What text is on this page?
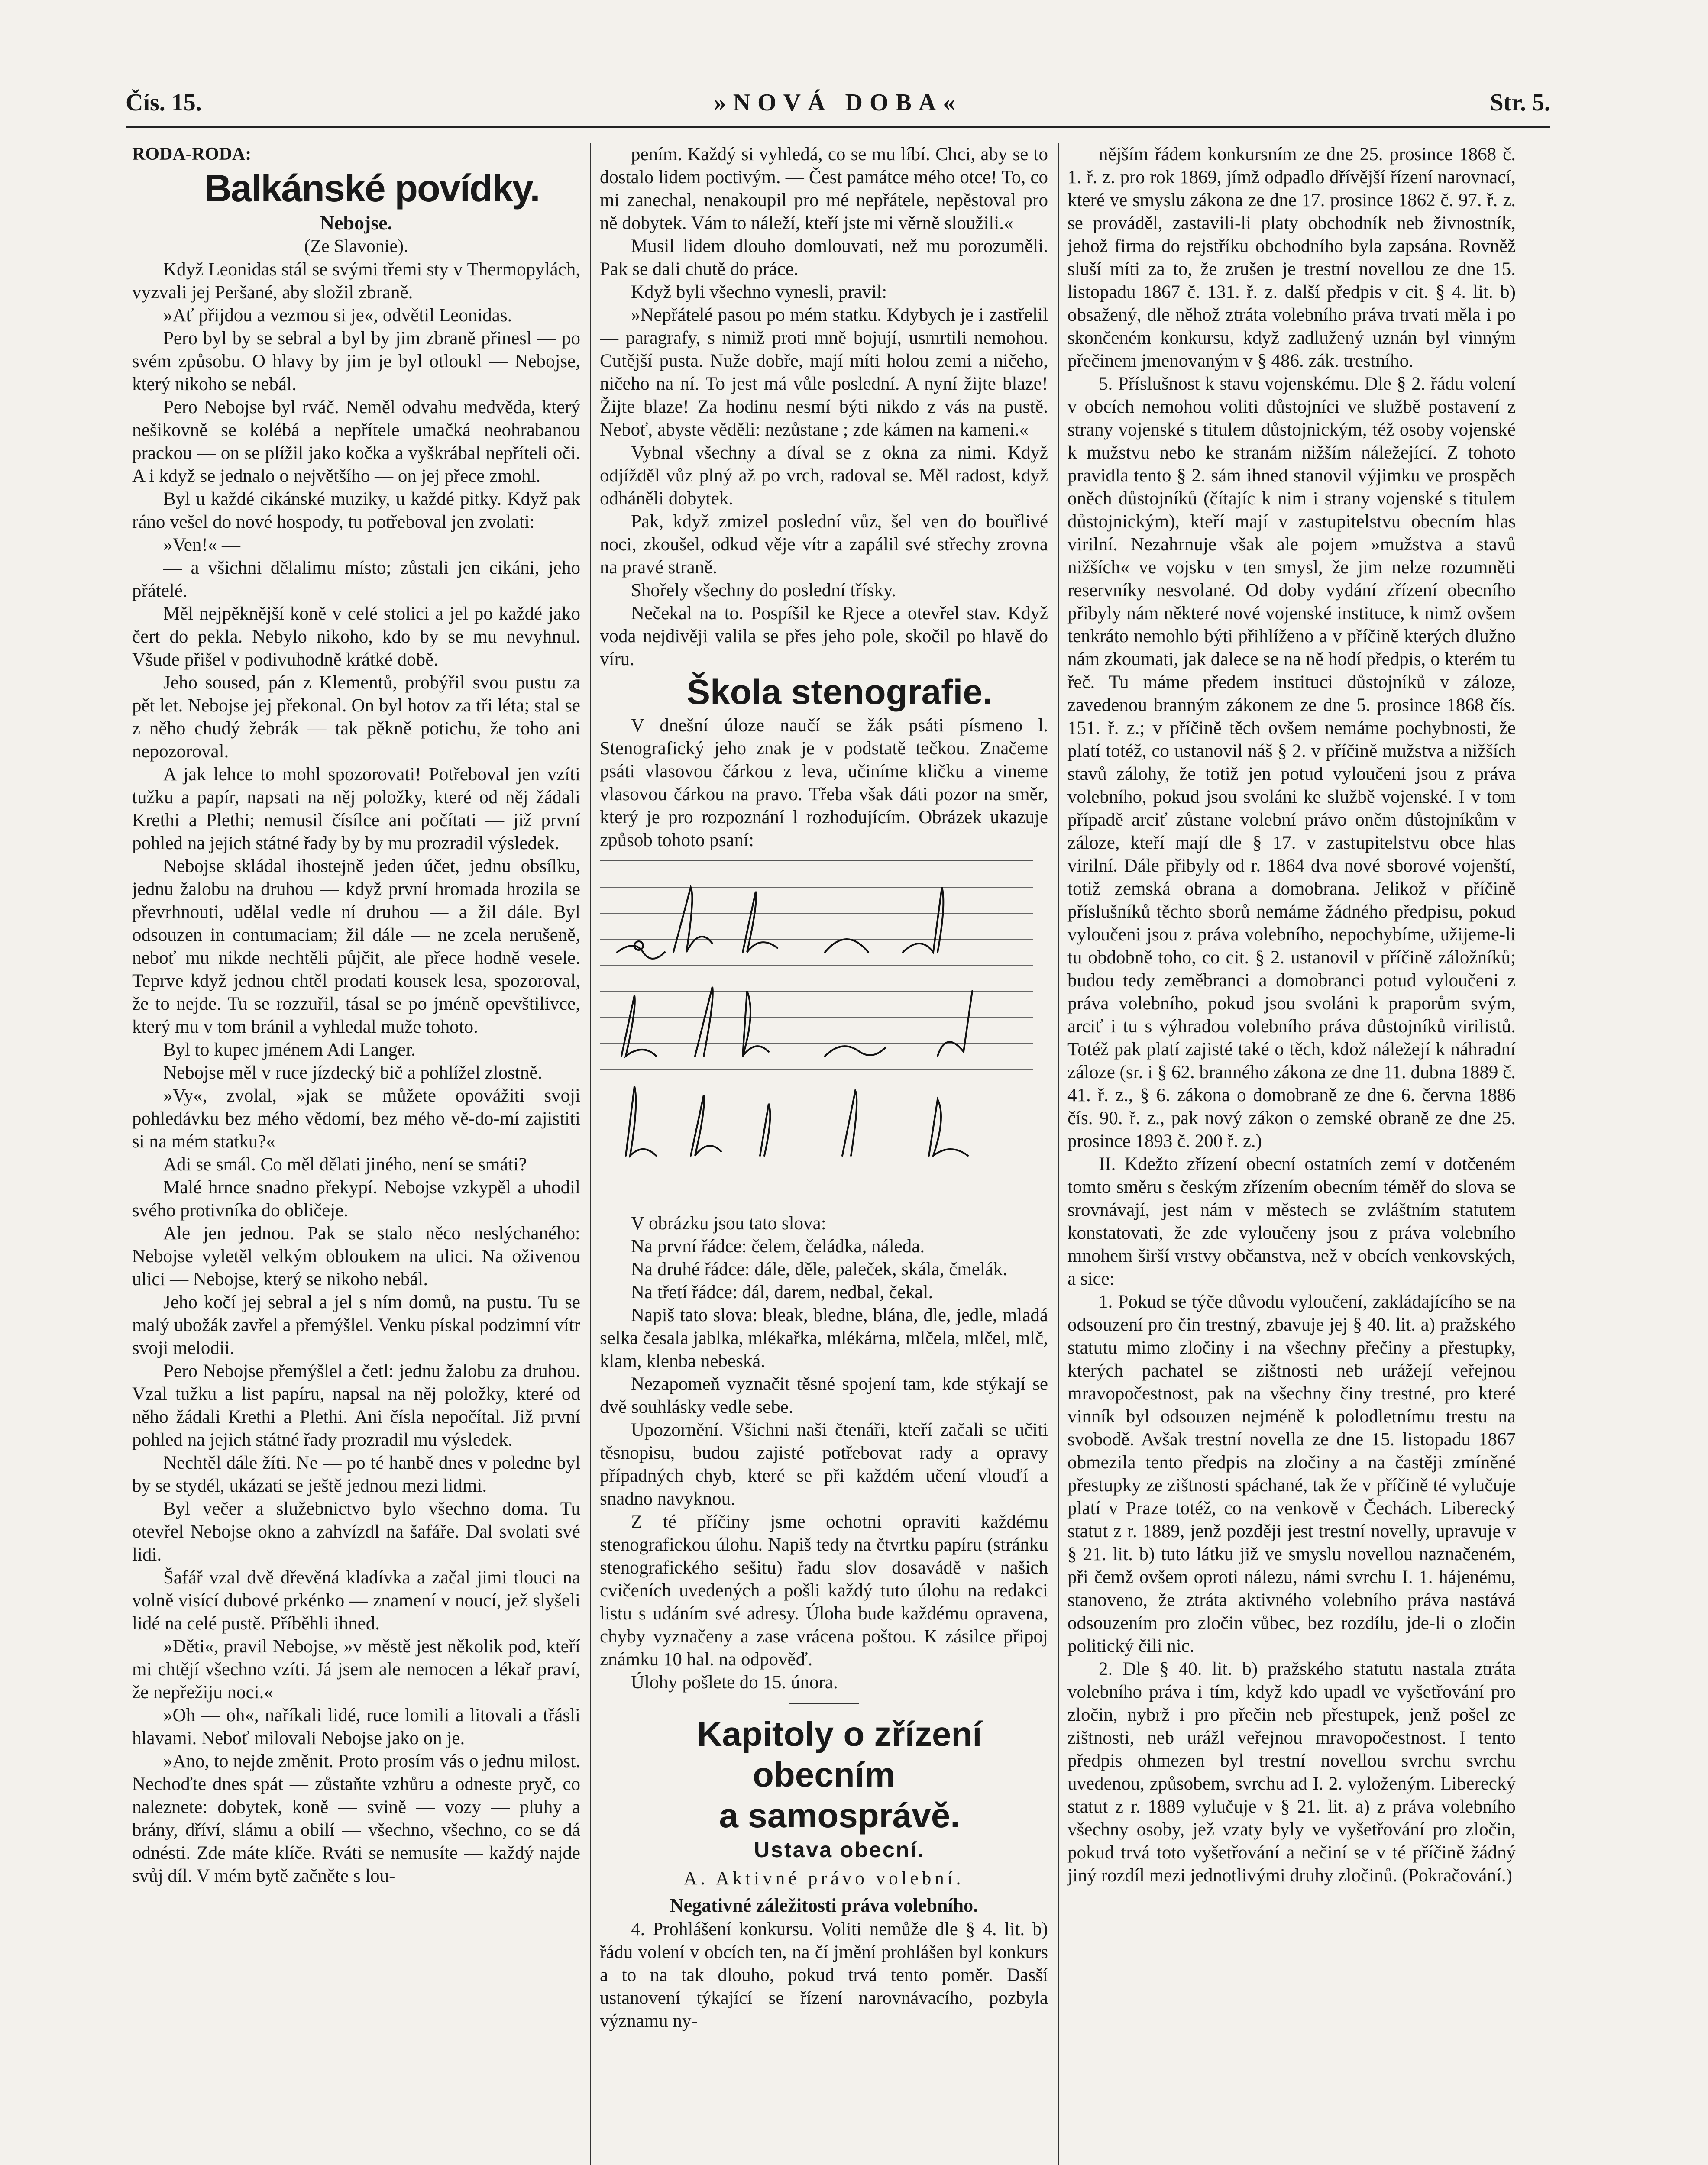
Čís. 15.	»NOVÁ DOBA«	Str. 5.

RODA-RODA:

Balkánské povídky.

Nebojse.

(Ze Slavonie).

Když Leonidas stál se svými třemi sty v Thermopylách, vyzvali jej Peršané, aby složil zbraně.

»Ať přijdou a vezmou si je«, odvětil Leonidas.

Pero byl by se sebral a byl by jim zbraně přinesl — po svém způsobu. O hlavy by jim je byl otloukl — Nebojse, který nikoho se nebál.

Pero Nebojse byl rváč. Neměl odvahu medvěda, který nešikovně se kolébá a nepřítele umačká neohrabanou prackou — on se plížil jako kočka a vyškrábal nepříteli oči. A i když se jednalo o největšího — on jej přece zmohl.

Byl u každé cikánské muziky, u každé pitky. Když pak ráno vešel do nové hospody, tu potřeboval jen zvolati:

»Ven!« —

— a všichni dělalimu místo; zůstali jen cikáni, jeho přátelé.

Měl nejpěknější koně v celé stolici a jel po každé jako čert do pekla. Nebylo nikoho, kdo by se mu nevyhnul. Všude přišel v podivuhodně krátké době.

Jeho soused, pán z Klementů, probýřil svou pustu za pět let. Nebojse jej překonal. On byl hotov za tři léta; stal se z něho chudý žebrák — tak pěkně potichu, že toho ani nepozoroval.

A jak lehce to mohl spozorovati! Potřeboval jen vzíti tužku a papír, napsati na něj položky, které od něj žádali Krethi a Plethi; nemusil čísílce ani počítati — již první pohled na jejich státné řady by by mu prozradil výsledek.

Nebojse skládal ihostejně jeden účet, jednu obsílku, jednu žalobu na druhou — když první hromada hrozila se převrhnouti, udělal vedle ní druhou — a žil dále. Byl odsouzen in contumaciam; žil dále — ne zcela nerušeně, neboť mu nikde nechtěli půjčit, ale přece hodně vesele. Teprve když jednou chtěl prodati kousek lesa, spozoroval, že to nejde. Tu se rozzuřil, tásal se po jméně opevštilivce, který mu v tom bránil a vyhledal muže tohoto.

Byl to kupec jménem Adi Langer.

Nebojse měl v ruce jízdecký bič a pohlížel zlostně.

»Vy«, zvolal, »jak se můžete opovážiti svoji pohledávku bez mého vědomí, bez mého vě-do-mí zajistiti si na mém statku?«

Adi se smál. Co měl dělati jiného, není se smáti?

Malé hrnce snadno překypí. Nebojse vzkypěl a uhodil svého protivníka do obličeje.

Ale jen jednou. Pak se stalo něco neslýchaného: Nebojse vyletěl velkým obloukem na ulici. Na oživenou ulici — Nebojse, který se nikoho nebál.

Jeho kočí jej sebral a jel s ním domů, na pustu. Tu se malý ubožák zavřel a přemýšlel. Venku pískal podzimní vítr svoji melodii.

Pero Nebojse přemýšlel a četl: jednu žalobu za druhou. Vzal tužku a list papíru, napsal na něj položky, které od něho žádali Krethi a Plethi. Ani čísla nepočítal. Již první pohled na jejich státné řady prozradil mu výsledek.

Nechtěl dále žíti. Ne — po té hanbě dnes v poledne byl by se stydél, ukázati se ještě jednou mezi lidmi.

Byl večer a služebnictvo bylo všechno doma. Tu otevřel Nebojse okno a zahvízdl na šafáře. Dal svolati své lidi.

Šafář vzal dvě dřevěná kladívka a začal jimi tlouci na volně visící dubové prkénko — znamení v noucí, jež slyšeli lidé na celé pustě. Příběhli ihned.

»Děti«, pravil Nebojse, »v městě jest několik pod, kteří mi chtějí všechno vzíti. Já jsem ale nemocen a lékař praví, že nepřežiju noci.«

»Oh — oh«, naříkali lidé, ruce lomili a litovali a třásli hlavami. Neboť milovali Nebojse jako on je.

»Ano, to nejde změnit. Proto prosím vás o jednu milost. Nechoďte dnes spát — zůstaňte vzhůru a odneste pryč, co naleznete: dobytek, koně — svině — vozy — pluhy a brány, dříví, slámu a obilí — všechno, všechno, co se dá odnésti. Zde máte klíče. Rváti se nemusíte — každý najde svůj díl. V mém bytě začněte s lou-

pením. Každý si vyhledá, co se mu líbí. Chci, aby se to dostalo lidem poctivým. — Čest památce mého otce! To, co mi zanechal, nenakoupil pro mé nepřátele, nepěstoval pro ně dobytek. Vám to náleží, kteří jste mi věrně sloužili.«

Musil lidem dlouho domlouvati, než mu porozuměli. Pak se dali chutě do práce.

Když byli všechno vynesli, pravil:

»Nepřátelé pasou po mém statku. Kdybych je i zastřelil — paragrafy, s nimiž proti mně bojují, usmrtili nemohou. Cutější pusta. Nuže dobře, mají míti holou zemi a ničeho, ničeho na ní. To jest má vůle poslední. A nyní žijte blaze! Žijte blaze! Za hodinu nesmí býti nikdo z vás na pustě. Neboť, abyste věděli: nezůstane ; zde kámen na kameni.«

Vybnal všechny a díval se z okna za nimi. Když odjížděl vůz plný až po vrch, radoval se. Měl radost, když odháněli dobytek.

Pak, když zmizel poslední vůz, šel ven do bouřlivé noci, zkoušel, odkud věje vítr a zapálil své střechy zrovna na pravé straně.

Shořely všechny do poslední třísky.

Nečekal na to. Pospíšil ke Rjece a otevřel stav. Když voda nejdivěji valila se přes jeho pole, skočil po hlavě do víru.

Škola stenografie.

V dnešní úloze naučí se žák psáti písmeno l. Stenografický jeho znak je v podstatě tečkou. Značeme psáti vlasovou čárkou z leva, učiníme kličku a vineme vlasovou čárkou na pravo. Třeba však dáti pozor na směr, který je pro rozpoznání l rozhodujícím. Obrázek ukazuje způsob tohoto psaní:

V obrázku jsou tato slova:

Na první řádce: čelem, čeládka, náleda.

Na druhé řádce: dále, děle, paleček, skála, čmelák.

Na třetí řádce: dál, darem, nedbal, čekal.

Napiš tato slova: bleak, bledne, blána, dle, jedle, mladá selka česala jablka, mlékařka, mlékárna, mlčela, mlčel, mlč, klam, klenba nebeská.

Nezapomeň vyznačit těsné spojení tam, kde stýkají se dvě souhlásky vedle sebe.

Upozornění. Všichni naši čtenáři, kteří začali se učiti těsnopisu, budou zajisté potřebovat rady a opravy případných chyb, které se při každém učení vlouďí a snadno navyknou.

Z té příčiny jsme ochotni opraviti každému stenografickou úlohu. Napiš tedy na čtvrtku papíru (stránku stenografického sešitu) řadu slov dosavádě v našich cvičeních uvedených a pošli každý tuto úlohu na redakci listu s udáním své adresy. Úloha bude každému opravena, chyby vyznačeny a zase vrácena poštou. K zásilce připoj známku 10 hal. na odpověď.

Úlohy pošlete do 15. února.

Kapitoly o zřízení obecním

a samosprávě.

Ustava obecní.

A. Aktivné právo volební.

Negativné záležitosti práva volebního.

4. Prohlášení konkursu. Voliti nemůže dle § 4. lit. b) řádu volení v obcích ten, na čí jmění prohlášen byl konkurs a to na tak dlouho, pokud trvá tento poměr. Dasší ustanovení týkající se řízení narovnávacího, pozbyla významu ny-

nějším řádem konkursním ze dne 25. prosince 1868 č. 1. ř. z. pro rok 1869, jímž odpadlo dřívější řízení narovnací, které ve smyslu zákona ze dne 17. prosince 1862 č. 97. ř. z. se prováděl, zastavili-li platy obchodník neb živnostník, jehož firma do rejstříku obchodního byla zapsána. Rovněž sluší míti za to, že zrušen je trestní novellou ze dne 15. listopadu 1867 č. 131. ř. z. další předpis v cit. § 4. lit. b) obsažený, dle něhož ztráta volebního práva trvati měla i po skončeném konkursu, když zadlužený uznán byl vinným přečinem jmenovaným v § 486. zák. trestního.

5. Příslušnost k stavu vojenskému. Dle § 2. řádu volení v obcích nemohou voliti důstojníci ve službě postavení z strany vojenské s titulem důstojnickým, též osoby vojenské k mužstvu nebo ke stranám nižším náležející. Z tohoto pravidla tento § 2. sám ihned stanovil výjimku ve prospěch oněch důstojníků (čítajíc k nim i strany vojenské s titulem důstojnickým), kteří mají v zastupitelstvu obecním hlas virilní. Nezahrnuje však ale pojem »mužstva a stavů nižších« ve vojsku v ten smysl, že jim nelze rozumněti reservníky nesvolané. Od doby vydání zřízení obecního přibyly nám některé nové vojenské instituce, k nimž ovšem tenkráto nemohlo býti přihlíženo a v příčině kterých dlužno nám zkoumati, jak dalece se na ně hodí předpis, o kterém tu řeč. Tu máme předem instituci důstojníků v záloze, zavedenou branným zákonem ze dne 5. prosince 1868 čís. 151. ř. z.; v příčině těch ovšem nemáme pochybnosti, že platí totéž, co ustanovil náš § 2. v příčině mužstva a nižších stavů zálohy, že totiž jen potud vyloučeni jsou z práva volebního, pokud jsou svoláni ke službě vojenské. I v tom případě arciť zůstane volební právo oněm důstojníkům v záloze, kteří mají dle § 17. v zastupitelstvu obce hlas virilní. Dále přibyly od r. 1864 dva nové sborové vojenští, totiž zemská obrana a domobrana. Jelikož v příčině příslušníků těchto sborů nemáme žádného předpisu, pokud vyloučeni jsou z práva volebního, nepochybíme, užijeme-li tu obdobně toho, co cit. § 2. ustanovil v příčině záložníků; budou tedy zeměbranci a domobranci potud vyloučeni z práva volebního, pokud jsou svoláni k praporům svým, arciť i tu s výhradou volebního práva důstojníků virilistů. Totéž pak platí zajisté také o těch, kdož náležejí k náhradní záloze (sr. i § 62. branného zákona ze dne 11. dubna 1889 č. 41. ř. z., § 6. zákona o domobraně ze dne 6. června 1886 čís. 90. ř. z., pak nový zákon o zemské obraně ze dne 25. prosince 1893 č. 200 ř. z.)

II. Kdežto zřízení obecní ostatních zemí v dotčeném tomto směru s českým zřízením obecním téměř do slova se srovnávají, jest nám v městech se zvláštním statutem konstatovati, že zde vyloučeny jsou z práva volebního mnohem širší vrstvy občanstva, než v obcích venkovských, a sice:

1. Pokud se týče důvodu vyloučení, zakládajícího se na odsouzení pro čin trestný, zbavuje jej § 40. lit. a) pražského statutu mimo zločiny i na všechny přečiny a přestupky, kterých pachatel se zištnosti neb urážejí veřejnou mravopočestnost, pak na všechny činy trestné, pro které vinník byl odsouzen nejméně k polodletnímu trestu na svobodě. Avšak trestní novella ze dne 15. listopadu 1867 obmezila tento předpis na zločiny a na častěji zmíněné přestupky ze zištnosti spáchané, tak že v příčině té vylučuje platí v Praze totéž, co na venkově v Čechách. Liberecký statut z r. 1889, jenž později jest trestní novelly, upravuje v § 21. lit. b) tuto látku již ve smyslu novellou naznačeném, při čemž ovšem oproti nálezu, námi svrchu I. 1. hájenému, stanoveno, že ztráta aktivného volebního práva nastává odsouzením pro zločin vůbec, bez rozdílu, jde-li o zločin politický čili nic.

2. Dle § 40. lit. b) pražského statutu nastala ztráta volebního práva i tím, když kdo upadl ve vyšetřování pro zločin, nybrž i pro přečin neb přestupek, jenž pošel ze zištnosti, neb urážl veřejnou mravopočestnost. I tento předpis ohmezen byl trestní novellou svrchu svrchu uvedenou, způsobem, svrchu ad I. 2. vyloženým. Liberecký statut z r. 1889 vylučuje v § 21. lit. a) z práva volebního všechny osoby, jež vzaty byly ve vyšetřování pro zločin, pokud trvá toto vyšetřování a nečiní se v té příčině žádný jiný rozdíl mezi jednotlivými druhy zločinů. (Pokračování.)
